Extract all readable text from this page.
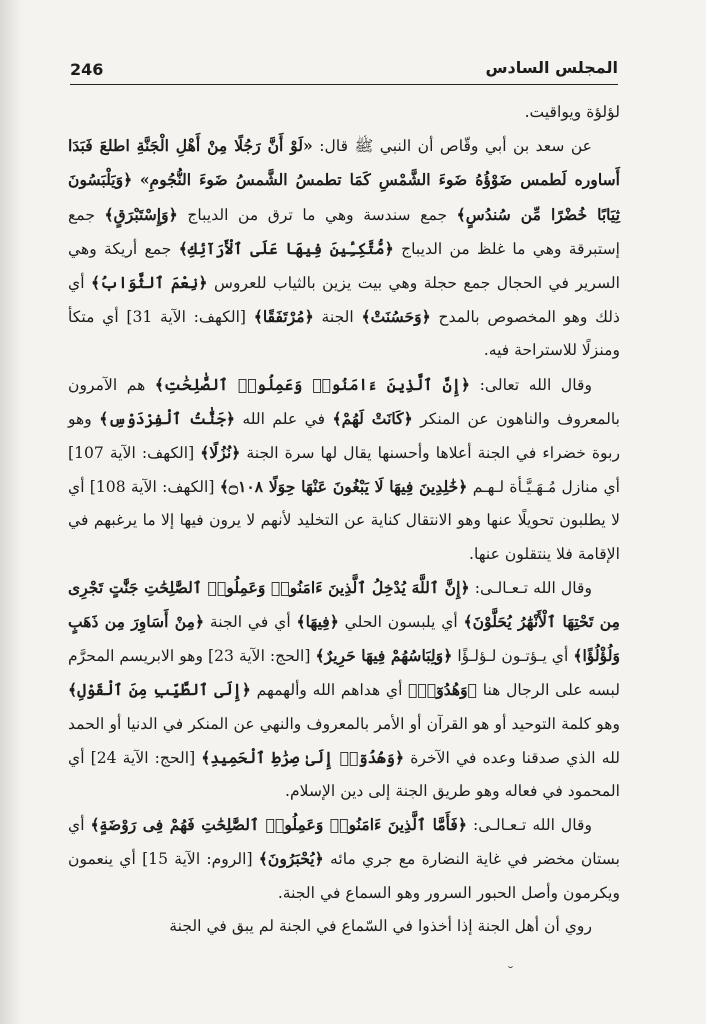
246	المجلس السادس

لؤلؤة ويواقيت.

عن سعد بن أبي وقّاص أن النبي ﷺ قال: «لَوْ أَنَّ رَجُلًا مِنْ أَهْلِ الْجَنَّةِ اطلعَ فَبَدَا أَساوره لَطمس ضَوْؤُهُ ضَوءَ الشَّمْسِ كَمَا تطمسُ الشَّمسُ ضَوءَ النُّجُومِ» ﴿وَيَلْبَسُونَ ثِيَابًا خُضْرًا مِّن سُندُسٍ﴾ جمع سندسة وهي ما ترق من الديباج ﴿وَإِسْتَبْرَقٍ﴾ جمع إستبرقة وهي ما غلظ من الديباج ﴿مُّتَّكِـِٔينَ فِيهَا عَلَى ٱلْأَرَآئِكِ﴾ جمع أريكة وهي السرير في الحجال جمع حجلة وهي بيت يزين بالثياب للعروس ﴿نِعْمَ ٱلثَّوَابُ﴾ أي ذلك وهو المخصوص بالمدح ﴿وَحَسُنَتْ﴾ الجنة ﴿مُرْتَفَقًا﴾ [الكهف: الآية 31] أي متكأ ومنزلًا للاستراحة فيه.

وقال الله تعالى: ﴿إِنَّ ٱلَّذِينَ ءَامَنُوا۟ وَعَمِلُوا۟ ٱلصَّٰلِحَٰتِ﴾ هم الآمرون بالمعروف والناهون عن المنكر ﴿كَانَتْ لَهُمْ﴾ في علم الله ﴿جَنَّٰتُ ٱلْفِرْدَوْسِ﴾ وهو ربوة خضراء في الجنة أعلاها وأحسنها يقال لها سرة الجنة ﴿نُزُلًا﴾ [الكهف: الآية 107] أي منازل مُـهَـيَّـأة لـهـم ﴿خَٰلِدِينَ فِيهَا لَا يَبْغُونَ عَنْهَا حِوَلًا ۝١٠٨﴾ [الكهف: الآية 108] أي لا يطلبون تحويلًا عنها وهو الانتقال كناية عن التخليد لأنهم لا يرون فيها إلا ما يرغبهم في الإقامة فلا ينتقلون عنها.

وقال الله تـعـالـى: ﴿إِنَّ ٱللَّهَ يُدْخِلُ ٱلَّذِينَ ءَامَنُوا۟ وَعَمِلُوا۟ ٱلصَّٰلِحَٰتِ جَنَّٰتٍ تَجْرِى مِن تَحْتِهَا ٱلْأَنْهَٰرُ يُحَلَّوْنَ﴾ أي يلبسون الحلي ﴿فِيهَا﴾ أي في الجنة ﴿مِنْ أَسَاوِرَ مِن ذَهَبٍ وَلُؤْلُؤًا﴾ أي يـؤتـون لـؤلـؤًا ﴿وَلِبَاسُهُمْ فِيهَا حَرِيرٌ﴾ [الحج: الآية 23] وهو الابريسم المحرَّم لبسه على الرجال هنا ﴿وَهُدُوٓا۟﴾ أي هداهم الله وألهمهم ﴿إِلَى ٱلطَّيِّبِ مِنَ ٱلْقَوْلِ﴾ وهو كلمة التوحيد أو هو القرآن أو الأمر بالمعروف والنهي عن المنكر في الدنيا أو الحمد لله الذي صدقنا وعده في الآخرة ﴿وَهُدُوٓا۟ إِلَىٰ صِرَٰطِ ٱلْحَمِيدِ﴾ [الحج: الآية 24] أي المحمود في فعاله وهو طريق الجنة إلى دين الإسلام.

وقال الله تـعـالـى: ﴿فَأَمَّا ٱلَّذِينَ ءَامَنُوا۟ وَعَمِلُوا۟ ٱلصَّٰلِحَٰتِ فَهُمْ فِى رَوْضَةٍ﴾ أي بستان مخضر في غاية النضارة مع جري مائه ﴿يُحْبَرُونَ﴾ [الروم: الآية 15] أي ينعمون ويكرمون وأصل الحبور السرور وهو السماع في الجنة.

روي أن أهل الجنة إذا أخذوا في السّماع في الجنة لم يبق في الجنة

˘
